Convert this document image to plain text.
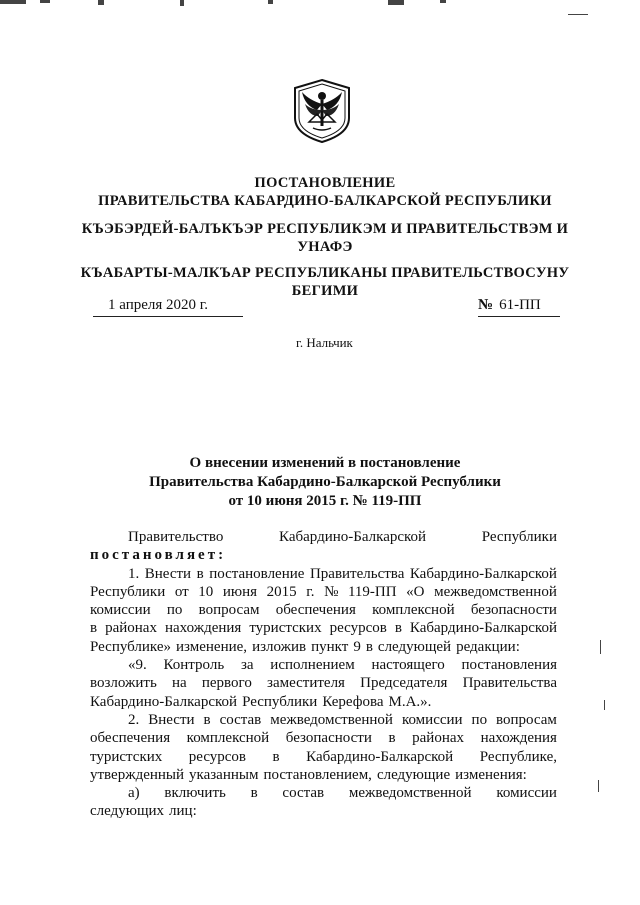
ПОСТАНОВЛЕНИЕ
ПРАВИТЕЛЬСТВА КАБАРДИНО-БАЛКАРСКОЙ РЕСПУБЛИКИ
КЪЭБЭРДЕЙ-БАЛЪКЪЭР РЕСПУБЛИКЭМ И ПРАВИТЕЛЬСТВЭМ И
УНАФЭ
КЪАБАРТЫ-МАЛКЪАР РЕСПУБЛИКАНЫ ПРАВИТЕЛЬСТВОСУНУ
БЕГИМИ
1 апреля 2020 г.	№ 61-ПП
г. Нальчик
О внесении изменений в постановление
Правительства Кабардино-Балкарской Республики
от 10 июня 2015 г. № 119-ПП
Правительство	Кабардино-Балкарской	Республики
постановляет:
1. Внести в постановление Правительства Кабардино-Балкарской
Республики от 10 июня 2015 г. № 119-ПП «О межведомственной
комиссии по вопросам обеспечения комплексной безопасности
в районах нахождения туристских ресурсов в Кабардино-Балкарской
Республике» изменение, изложив пункт 9 в следующей редакции:
«9. Контроль за исполнением настоящего постановления
возложить на первого заместителя Председателя Правительства
Кабардино-Балкарской Республики Керефова М.А.».
2. Внести в состав межведомственной комиссии по вопросам
обеспечения комплексной безопасности в районах нахождения
туристских ресурсов в Кабардино-Балкарской Республике,
утвержденный указанным постановлением, следующие изменения:
а) включить в состав межведомственной комиссии
следующих лиц:
